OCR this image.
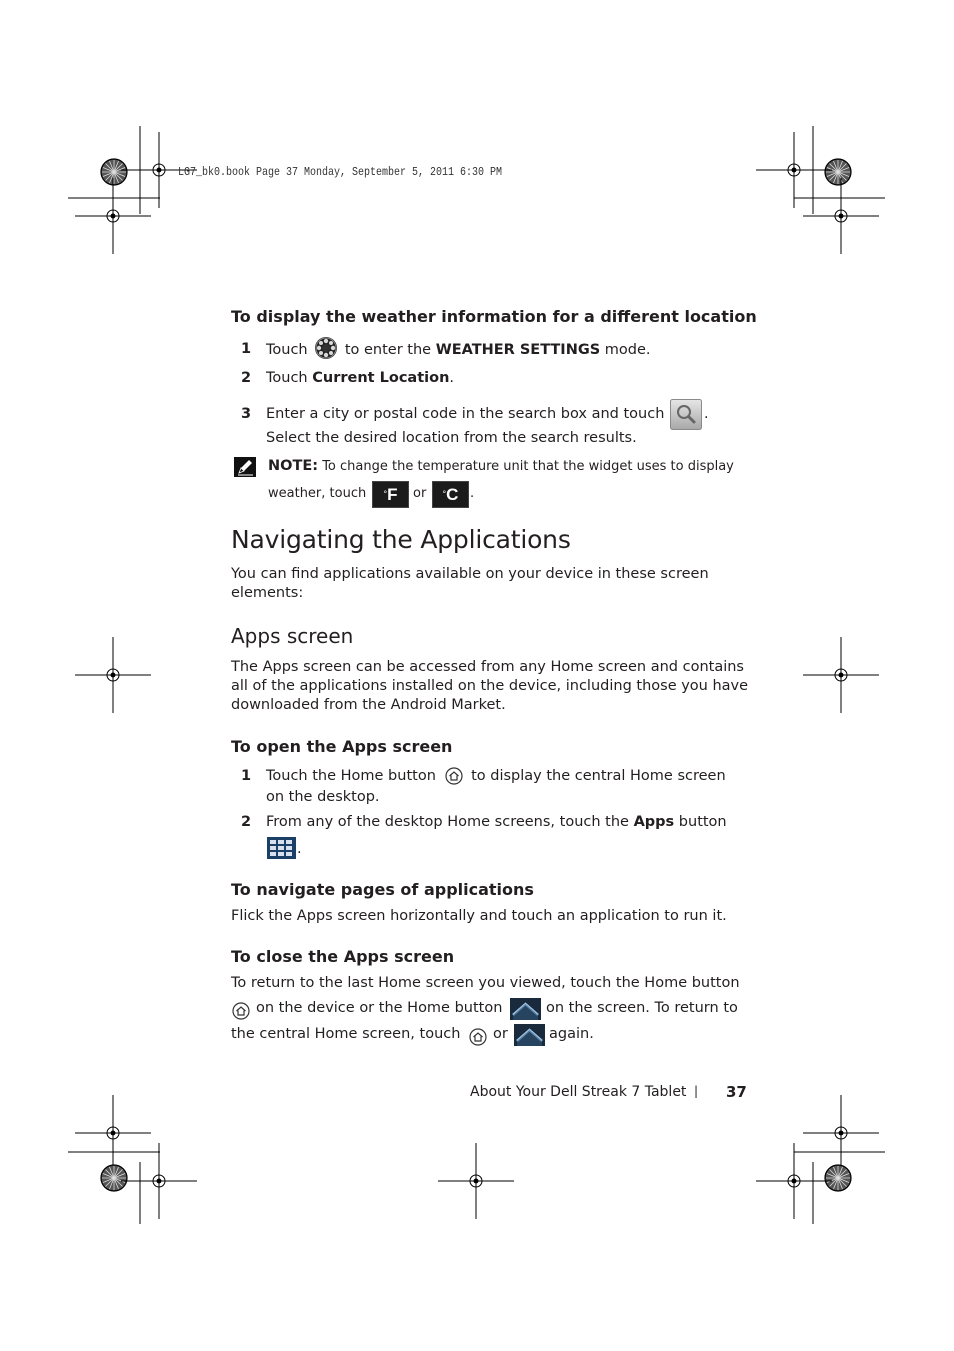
LG7_bk0.book Page 37 Monday, September 5, 2011 6:30 PM
To display the weather information for a different location
1 Touch	to enter the WEATHER SETTINGS mode.
2 Touch Current Location.
3 Enter a city or postal code in the search box and touch	.
Select the desired location from the search results.
NOTE: To change the temperature unit that the widget uses to display
weather, touch	°F	or	°C .
Navigating the Applications
You can find applications available on your device in these screen
elements:
Apps screen
The Apps screen can be accessed from any Home screen and contains
all of the applications installed on the device, including those you have
downloaded from the Android Market.
To open the Apps screen
1 Touch the Home button to display the central Home screen
on the desktop.
2 From any of the desktop Home screens, touch the Apps button
.
To navigate pages of applications
Flick the Apps screen horizontally and touch an application to run it.
To close the Apps screen
To return to the last Home screen you viewed, touch the Home button
on the device or the Home button	on the screen. To return to
the central Home screen, touch or	again.
About Your Dell Streak 7 Tablet | 37
